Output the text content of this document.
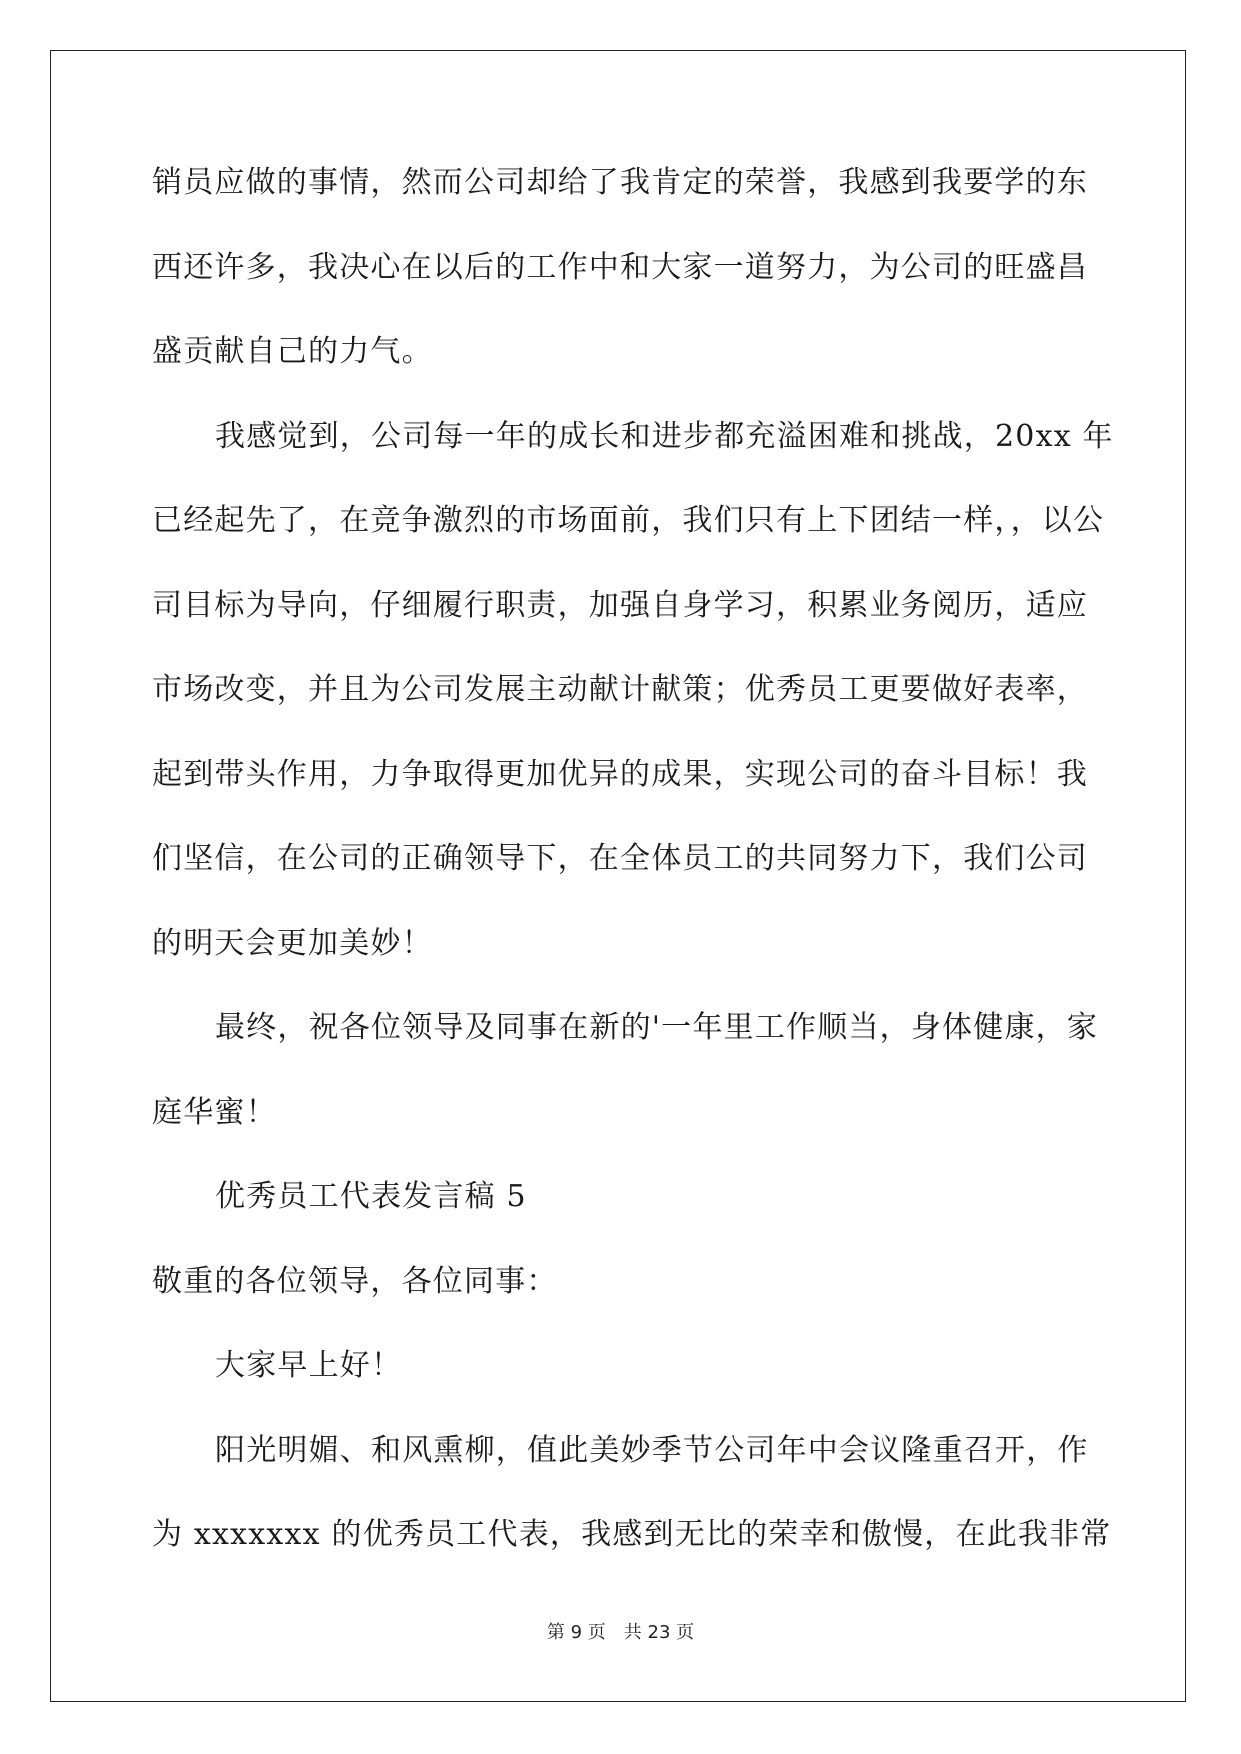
销员应做的事情，然而公司却给了我肯定的荣誉，我感到我要学的东
西还许多，我决心在以后的工作中和大家一道努力，为公司的旺盛昌
盛贡献自己的力气。
我感觉到，公司每一年的成长和进步都充溢困难和挑战，20xx 年
已经起先了，在竞争激烈的市场面前，我们只有上下团结一样，，以公
司目标为导向，仔细履行职责，加强自身学习，积累业务阅历，适应
市场改变，并且为公司发展主动献计献策；优秀员工更要做好表率，
起到带头作用，力争取得更加优异的成果，实现公司的奋斗目标！我
们坚信，在公司的正确领导下，在全体员工的共同努力下，我们公司
的明天会更加美妙！
最终，祝各位领导及同事在新的'一年里工作顺当，身体健康，家
庭华蜜！
优秀员工代表发言稿 5
敬重的各位领导，各位同事：
大家早上好！
阳光明媚、和风熏柳，值此美妙季节公司年中会议隆重召开，作
为 xxxxxxx 的优秀员工代表，我感到无比的荣幸和傲慢，在此我非常
第 9 页 共 23 页
